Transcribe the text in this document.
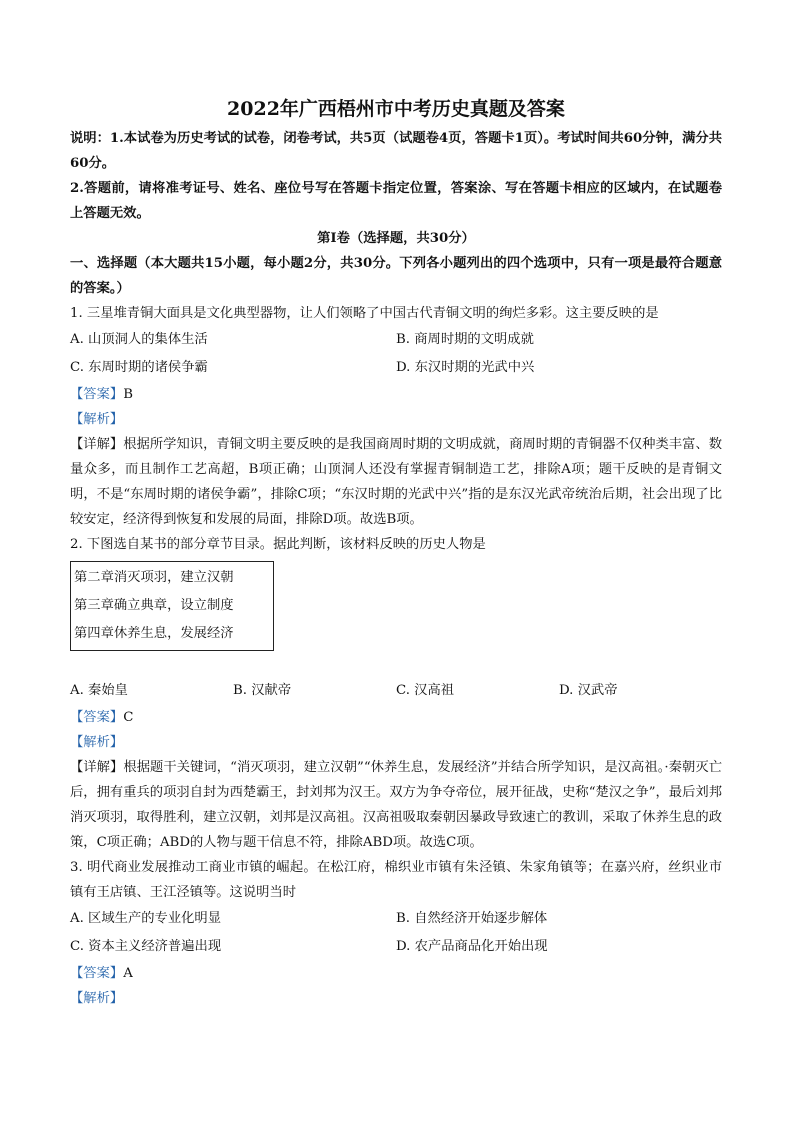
2022年广西梧州市中考历史真题及答案

说明：1.本试卷为历史考试的试卷，闭卷考试，共5页（试题卷4页，答题卡1页）。考试时间共60分钟，满分共60分。

2.答题前，请将准考证号、姓名、座位号写在答题卡指定位置，答案涂、写在答题卡相应的区域内，在试题卷上答题无效。

第Ⅰ卷（选择题，共30分）

一、选择题（本大题共15小题，每小题2分，共30分。下列各小题列出的四个选项中，只有一项是最符合题意的答案。）

1. 三星堆青铜大面具是文化典型器物，让人们领略了中国古代青铜文明的绚烂多彩。这主要反映的是

A. 山顶洞人的集体生活	B. 商周时期的文明成就
C. 东周时期的诸侯争霸	D. 东汉时期的光武中兴

【答案】B

【解析】

【详解】根据所学知识，青铜文明主要反映的是我国商周时期的文明成就，商周时期的青铜器不仅种类丰富、数量众多，而且制作工艺高超，B项正确；山顶洞人还没有掌握青铜制造工艺，排除A项；题干反映的是青铜文明，不是“东周时期的诸侯争霸”，排除C项；“东汉时期的光武中兴”指的是东汉光武帝统治后期，社会出现了比较安定，经济得到恢复和发展的局面，排除D项。故选B项。

2. 下图选自某书的部分章节目录。据此判断，该材料反映的历史人物是

第二章消灭项羽，建立汉朝
第三章确立典章，设立制度
第四章休养生息，发展经济
A. 秦始皇	B. 汉献帝	C. 汉高祖	D. 汉武帝

【答案】C

【解析】

【详解】根据题干关键词，“消灭项羽，建立汉朝”“休养生息，发展经济”并结合所学知识，是汉高祖。·秦朝灭亡后，拥有重兵的项羽自封为西楚霸王，封刘邦为汉王。双方为争夺帝位，展开征战，史称“楚汉之争”，最后刘邦消灭项羽，取得胜利，建立汉朝，刘邦是汉高祖。汉高祖吸取秦朝因暴政导致速亡的教训，采取了休养生息的政策，C项正确；ABD的人物与题干信息不符，排除ABD项。故选C项。

3. 明代商业发展推动工商业市镇的崛起。在松江府，棉织业市镇有朱泾镇、朱家角镇等；在嘉兴府，丝织业市镇有王店镇、王江泾镇等。这说明当时

A. 区域生产的专业化明显	B. 自然经济开始逐步解体
C. 资本主义经济普遍出现	D. 农产品商品化开始出现

【答案】A

【解析】
